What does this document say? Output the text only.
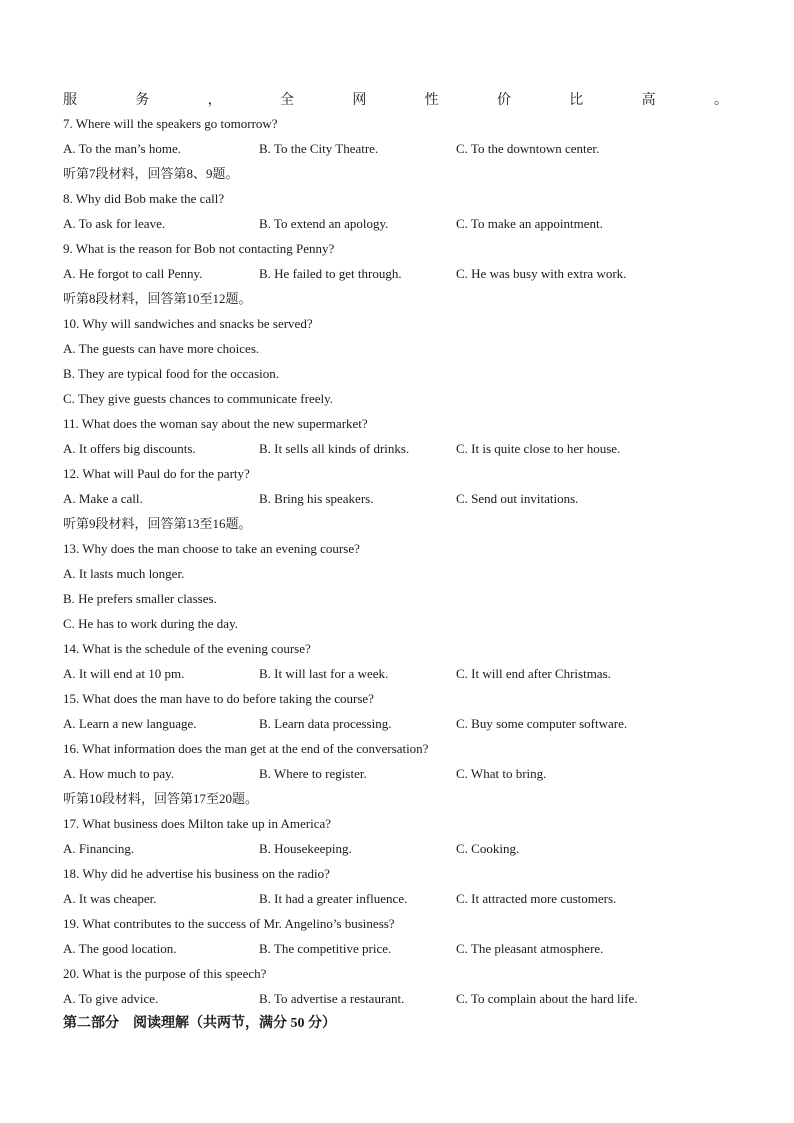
服	务	，	全	网	性	价	比	高	。
7. Where will the speakers go tomorrow?
A. To the man’s home.	B. To the City Theatre.	C. To the downtown center.
听第7段材料，回答第8、9题。
8. Why did Bob make the call?
A. To ask for leave.	B. To extend an apology.	C. To make an appointment.
9. What is the reason for Bob not contacting Penny?
A. He forgot to call Penny.	B. He failed to get through.	C. He was busy with extra work.
听第8段材料，回答第10至12题。
10. Why will sandwiches and snacks be served?
A. The guests can have more choices.
B. They are typical food for the occasion.
C. They give guests chances to communicate freely.
11. What does the woman say about the new supermarket?
A. It offers big discounts.	B. It sells all kinds of drinks.	C. It is quite close to her house.
12. What will Paul do for the party?
A. Make a call.	B. Bring his speakers.	C. Send out invitations.
听第9段材料，回答第13至16题。
13. Why does the man choose to take an evening course?
A. It lasts much longer.
B. He prefers smaller classes.
C. He has to work during the day.
14. What is the schedule of the evening course?
A. It will end at 10 pm.	B. It will last for a week.	C. It will end after Christmas.
15. What does the man have to do before taking the course?
A. Learn a new language.	B. Learn data processing.	C. Buy some computer software.
16. What information does the man get at the end of the conversation?
A. How much to pay.	B. Where to register.	C. What to bring.
听第10段材料，回答第17至20题。
17. What business does Milton take up in America?
A. Financing.	B. Housekeeping.	C. Cooking.
18. Why did he advertise his business on the radio?
A. It was cheaper.	B. It had a greater influence.	C. It attracted more customers.
19. What contributes to the success of Mr. Angelino’s business?
A. The good location.	B. The competitive price.	C. The pleasant atmosphere.
20. What is the purpose of this speech?
A. To give advice.	B. To advertise a restaurant.	C. To complain about the hard life.
第二部分　阅读理解（共两节，满分 50 分）
